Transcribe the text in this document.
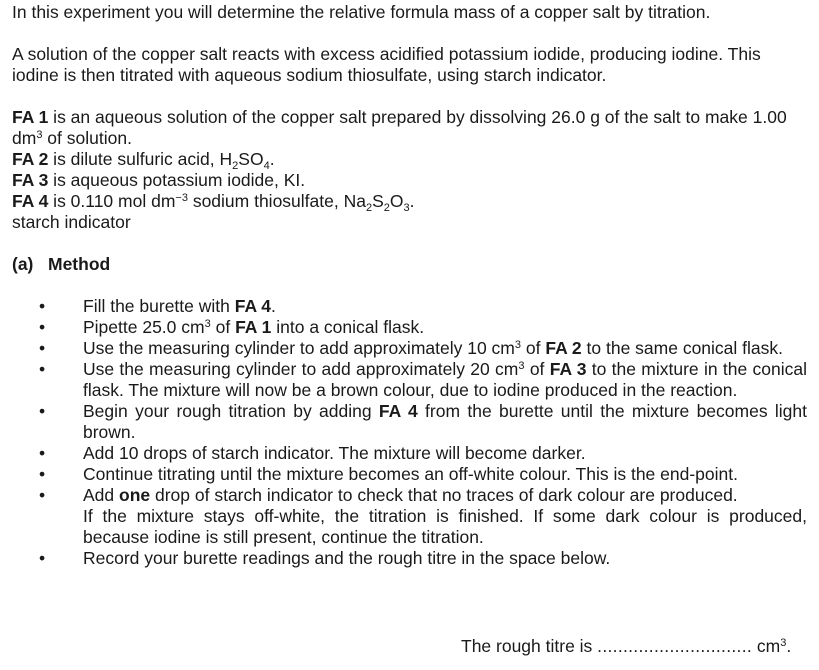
In this experiment you will determine the relative formula mass of a copper salt by titration.

A solution of the copper salt reacts with excess acidified potassium iodide, producing iodine. This iodine is then titrated with aqueous sodium thiosulfate, using starch indicator.

FA 1 is an aqueous solution of the copper salt prepared by dissolving 26.0 g of the salt to make 1.00 $dm^3$ of solution.

FA 2 is dilute sulfuric acid, $H_2SO_4$.

FA 3 is aqueous potassium iodide, KI.

FA 4 is 0.110 mol $dm^{-3}$ sodium thiosulfate, $Na_2S_2O_3$.

starch indicator

(a) Method

• Fill the burette with FA 4.
• Pipette 25.0 $cm^3$ of FA 1 into a conical flask.
• Use the measuring cylinder to add approximately 10 $cm^3$ of FA 2 to the same conical flask.
• Use the measuring cylinder to add approximately 20 $cm^3$ of FA 3 to the mixture in the conical flask. The mixture will now be a brown colour, due to iodine produced in the reaction.
• Begin your rough titration by adding FA 4 from the burette until the mixture becomes light brown.
• Add 10 drops of starch indicator. The mixture will become darker.
• Continue titrating until the mixture becomes an off-white colour. This is the end-point.
• Add one drop of starch indicator to check that no traces of dark colour are produced.
If the mixture stays off-white, the titration is finished. If some dark colour is produced, because iodine is still present, continue the titration.
• Record your burette readings and the rough titre in the space below.
The rough titre is .............................. $cm^3$.
